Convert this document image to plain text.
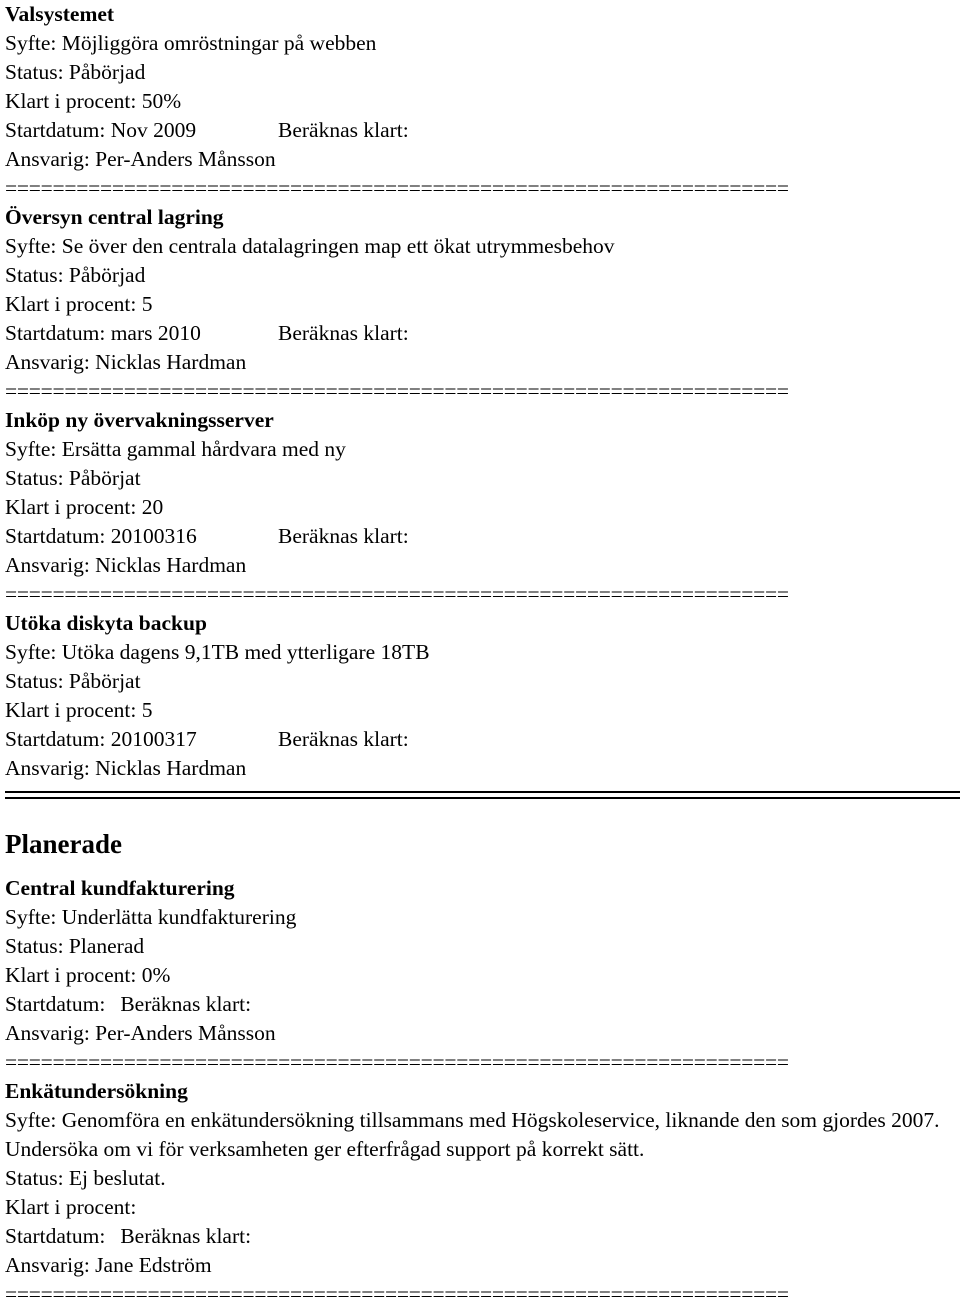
Valsystemet
Syfte: Möjliggöra omröstningar på webben
Status: Påbörjad
Klart i procent: 50%
Startdatum: Nov 2009	Beräknas klart:
Ansvarig: Per-Anders Månsson
==================================================================
Översyn central lagring
Syfte: Se över den centrala datalagringen map ett ökat utrymmesbehov
Status: Påbörjad
Klart i procent: 5
Startdatum: mars 2010	Beräknas klart:
Ansvarig: Nicklas Hardman
==================================================================
Inköp ny övervakningsserver
Syfte: Ersätta gammal hårdvara med ny
Status: Påbörjat
Klart i procent: 20
Startdatum: 20100316	Beräknas klart:
Ansvarig: Nicklas Hardman
==================================================================
Utöka diskyta backup
Syfte: Utöka dagens 9,1TB med ytterligare 18TB
Status: Påbörjat
Klart i procent: 5
Startdatum: 20100317	Beräknas klart:
Ansvarig: Nicklas Hardman
Planerade
Central kundfakturering
Syfte: Underlätta kundfakturering
Status: Planerad
Klart i procent: 0%
Startdatum: Beräknas klart:
Ansvarig: Per-Anders Månsson
==================================================================
Enkätundersökning
Syfte: Genomföra en enkätundersökning tillsammans med Högskoleservice, liknande den som gjordes 2007. Undersöka om vi för verksamheten ger efterfrågad support på korrekt sätt.
Status: Ej beslutat.
Klart i procent:
Startdatum: Beräknas klart:
Ansvarig: Jane Edström
==================================================================
